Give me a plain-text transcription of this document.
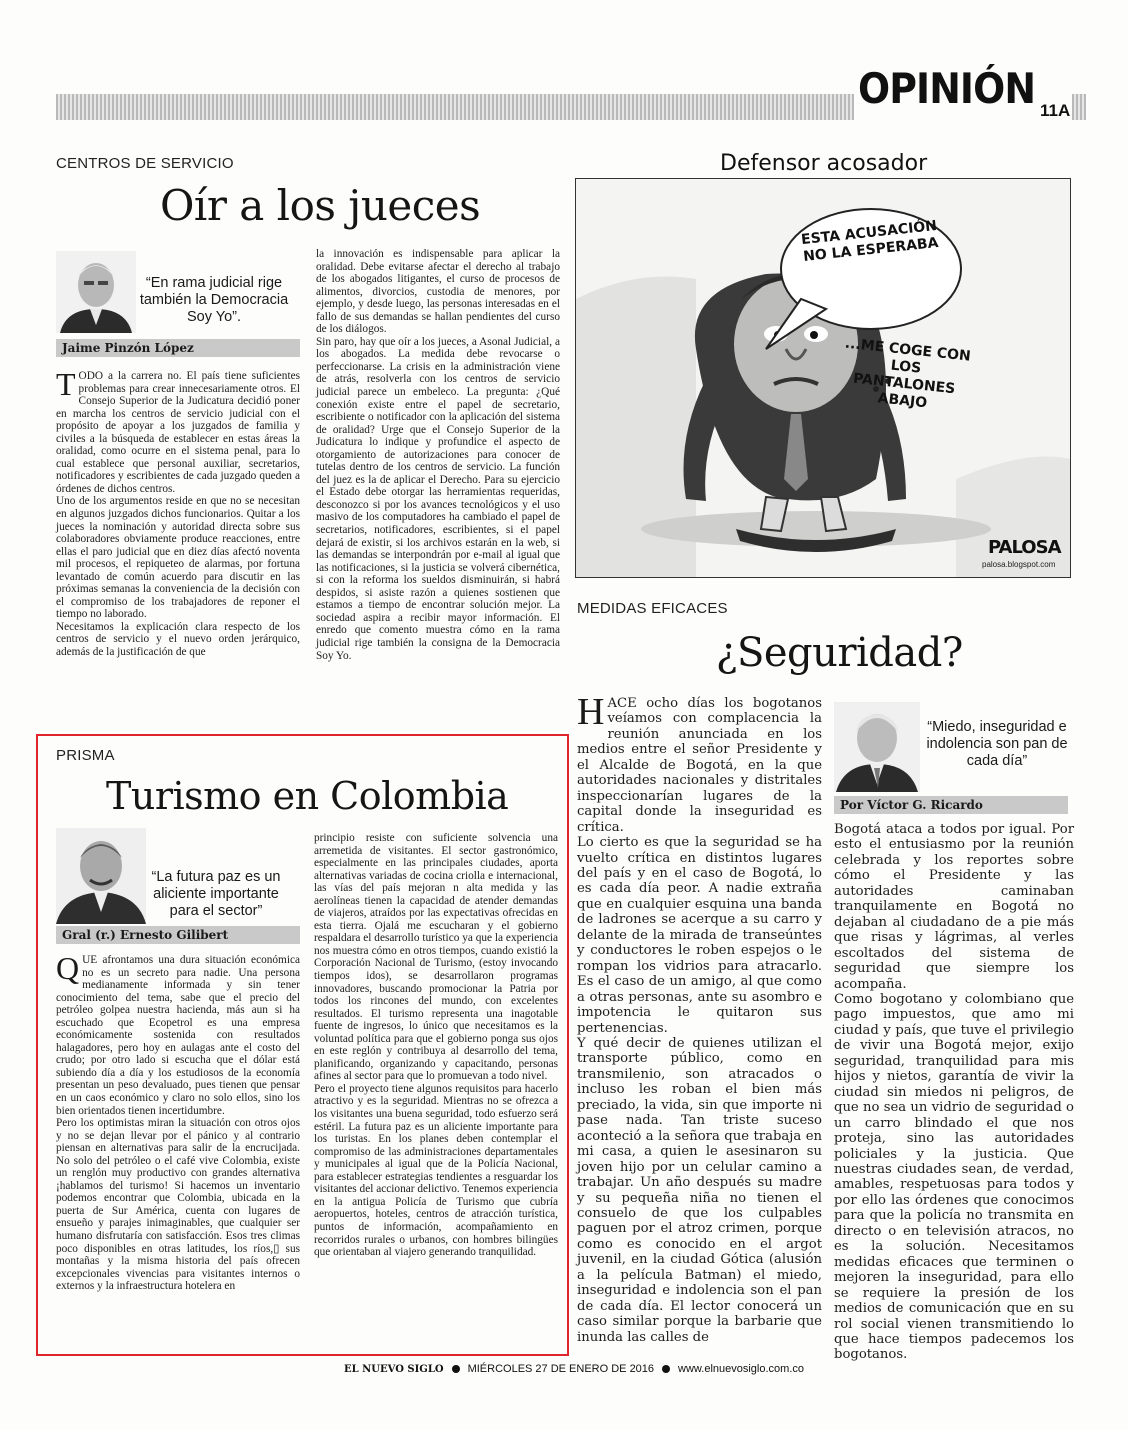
OPINIÓN 11A
CENTROS DE SERVICIO
Oír a los jueces
“En rama judicial rige también la Democracia Soy Yo”.
Jaime Pinzón López
T ODO a la carrera no. El país tiene suficientes problemas para crear innecesariamente otros. El Consejo Superior de la Judicatura decidió poner en marcha los centros de servicio judicial con el propósito de apoyar a los juzgados de familia y civiles a la búsqueda de establecer en estas áreas la oralidad, como ocurre en el sistema penal, para lo cual establece que personal auxiliar, secretarios, notificadores y escribientes de cada juzgado queden a órdenes de dichos centros.
Uno de los argumentos reside en que no se necesitan en algunos juzgados dichos funcionarios. Quitar a los jueces la nominación y autoridad directa sobre sus colaboradores obviamente produce reacciones, entre ellas el paro judicial que en diez días afectó noventa mil procesos, el repiqueteo de alarmas, por fortuna levantado de común acuerdo para discutir en las próximas semanas la conveniencia de la decisión con el compromiso de los trabajadores de reponer el tiempo no laborado.
Necesitamos la explicación clara respecto de los centros de servicio y el nuevo orden jerárquico, además de la justificación de que

la innovación es indispensable para aplicar la oralidad. Debe evitarse afectar el derecho al trabajo de los abogados litigantes, el curso de procesos de alimentos, divorcios, custodia de menores, por ejemplo, y desde luego, las personas interesadas en el fallo de sus demandas se hallan pendientes del curso de los diálogos.
Sin paro, hay que oír a los jueces, a Asonal Judicial, a los abogados. La medida debe revocarse o perfeccionarse. La crisis en la administración viene de atrás, resolverla con los centros de servicio judicial parece un embeleco. La pregunta: ¿Qué conexión existe entre el papel de secretario, escribiente o notificador con la aplicación del sistema de oralidad? Urge que el Consejo Superior de la Judicatura lo indique y profundice el aspecto de otorgamiento de autorizaciones para conocer de tutelas dentro de los centros de servicio. La función del juez es la de aplicar el Derecho. Para su ejercicio el Estado debe otorgar las herramientas requeridas, desconozco si por los avances tecnológicos y el uso masivo de los computadores ha cambiado el papel de secretarios, notificadores, escribientes, si el papel dejará de existir, si los archivos estarán en la web, si las demandas se interpondrán por e-mail al igual que las notificaciones, si la justicia se volverá cibernética, si con la reforma los sueldos disminuirán, si habrá despidos, si asiste razón a quienes sostienen que estamos a tiempo de encontrar solución mejor. La sociedad aspira a recibir mayor información. El enredo que comento muestra cómo en la rama judicial rige también la consigna de la Democracia Soy Yo.

Defensor acosador
ESTA ACUSACIÓN NO LA ESPERABA
...ME COGE CON LOS PANTALONES ABAJO
PALOSA
palosa.blogspot.com
MEDIDAS EFICACES
¿Seguridad?
H ACE ocho días los bogotanos veíamos con complacencia la reunión anunciada en los medios entre el señor Presidente y el Alcalde de Bogotá, en la que autoridades nacionales y distritales inspeccionarían lugares de la capital donde la inseguridad es crítica.
Lo cierto es que la seguridad se ha vuelto crítica en distintos lugares del país y en el caso de Bogotá, lo es cada día peor. A nadie extraña que en cualquier esquina una banda de ladrones se acerque a su carro y delante de la mirada de transeúntes y conductores le roben espejos o le rompan los vidrios para atracarlo. Es el caso de un amigo, al que como a otras personas, ante su asombro e impotencia le quitaron sus pertenencias.
Y qué decir de quienes utilizan el transporte público, como en transmilenio, son atracados o incluso les roban el bien más preciado, la vida, sin que importe ni pase nada. Tan triste suceso aconteció a la señora que trabaja en mi casa, a quien le asesinaron su joven hijo por un celular camino a trabajar. Un año después su madre y su pequeña niña no tienen el consuelo de que los culpables paguen por el atroz crimen, porque como es conocido en el argot juvenil, en la ciudad Gótica (alusión a la película Batman) el miedo, inseguridad e indolencia son el pan de cada día. El lector conocerá un caso similar porque la barbarie que inunda las calles de

“Miedo, inseguridad e indolencia son pan de cada día”
Por Víctor G. Ricardo

Bogotá ataca a todos por igual. Por esto el entusiasmo por la reunión celebrada y los reportes sobre cómo el Presidente y las autoridades caminaban tranquilamente en Bogotá no dejaban al ciudadano de a pie más que risas y lágrimas, al verles escoltados del sistema de seguridad que siempre los acompaña.
Como bogotano y colombiano que pago impuestos, que amo mi ciudad y país, que tuve el privilegio de vivir una Bogotá mejor, exijo seguridad, tranquilidad para mis hijos y nietos, garantía de vivir la ciudad sin miedos ni peligros, de que no sea un vidrio de seguridad o un carro blindado el que nos proteja, sino las autoridades policiales y la justicia. Que nuestras ciudades sean, de verdad, amables, respetuosas para todos y por ello las órdenes que conocimos para que la policía no transmita en directo o en televisión atracos, no es la solución. Necesitamos medidas eficaces que terminen o mejoren la inseguridad, para ello se requiere la presión de los medios de comunicación que en su rol social vienen transmitiendo lo que hace tiempos padecemos los bogotanos.

PRISMA
Turismo en Colombia
“La futura paz es un aliciente importante para el sector”
Gral (r.) Ernesto Gilibert
Q UE afrontamos una dura situación económica no es un secreto para nadie. Una persona medianamente informada y sin tener conocimiento del tema, sabe que el precio del petróleo golpea nuestra hacienda, más aun si ha escuchado que Ecopetrol es una empresa económicamente sostenida con resultados halagadores, pero hoy en aulagas ante el costo del crudo; por otro lado si escucha que el dólar está subiendo día a día y los estudiosos de la economía presentan un peso devaluado, pues tienen que pensar en un caos económico y claro no solo ellos, sino los bien orientados tienen incertidumbre.
Pero los optimistas miran la situación con otros ojos y no se dejan llevar por el pánico y al contrario piensan en alternativas para salir de la encrucijada. No solo del petróleo o el café vive Colombia, existe un renglón muy productivo con grandes alternativa ¡hablamos del turismo! Si hacemos un inventario podemos encontrar que Colombia, ubicada en la puerta de Sur América, cuenta con lugares de ensueño y parajes inimaginables, que cualquier ser humano disfrutaría con satisfacción. Esos tres climas poco disponibles en otras latitudes, los ríos,▯ sus montañas y la misma historia del país ofrecen excepcionales vivencias para visitantes internos o externos y la infraestructura hotelera en

principio resiste con suficiente solvencia una arremetida de visitantes. El sector gastronómico, especialmente en las principales ciudades, aporta alternativas variadas de cocina criolla e internacional, las vías del país mejoran n alta medida y las aerolíneas tienen la capacidad de atender demandas de viajeros, atraídos por las expectativas ofrecidas en esta tierra. Ojalá me escucharan y el gobierno respaldara el desarrollo turístico ya que la experiencia nos muestra cómo en otros tiempos, cuando existió la Corporación Nacional de Turismo, (estoy invocando tiempos idos), se desarrollaron programas innovadores, buscando promocionar la Patria por todos los rincones del mundo, con excelentes resultados. El turismo representa una inagotable fuente de ingresos, lo único que necesitamos es la voluntad política para que el gobierno ponga sus ojos en este regl​ón y contribuya al desarrollo del tema, planificando, organizando y capacitando, personas afines al sector para que lo promuevan a todo nivel.
Pero el proyecto tiene algunos requisitos para hacerlo atractivo y es la seguridad. Mientras no se ofrezca a los visitantes una buena seguridad, todo esfuerzo será estéril. La futura paz es un aliciente importante para los turistas. En los planes deben contemplar el compromiso de las administraciones departamentales y municipales al igual que de la Policía Nacional, para establecer estrategias tendientes a resguardar los visitantes del accionar delictivo. Tenemos experiencia en la antigua Policía de Turismo que cubría aeropuertos, hoteles, centros de atracción turística, puntos de información, acompañamiento en recorridos rurales o urbanos, con hombres bilingües que orientaban al viajero generando tranquilidad.

EL NUEVO SIGLO MIÉRCOLES 27 DE ENERO DE 2016 www.elnuevosiglo.com.co
